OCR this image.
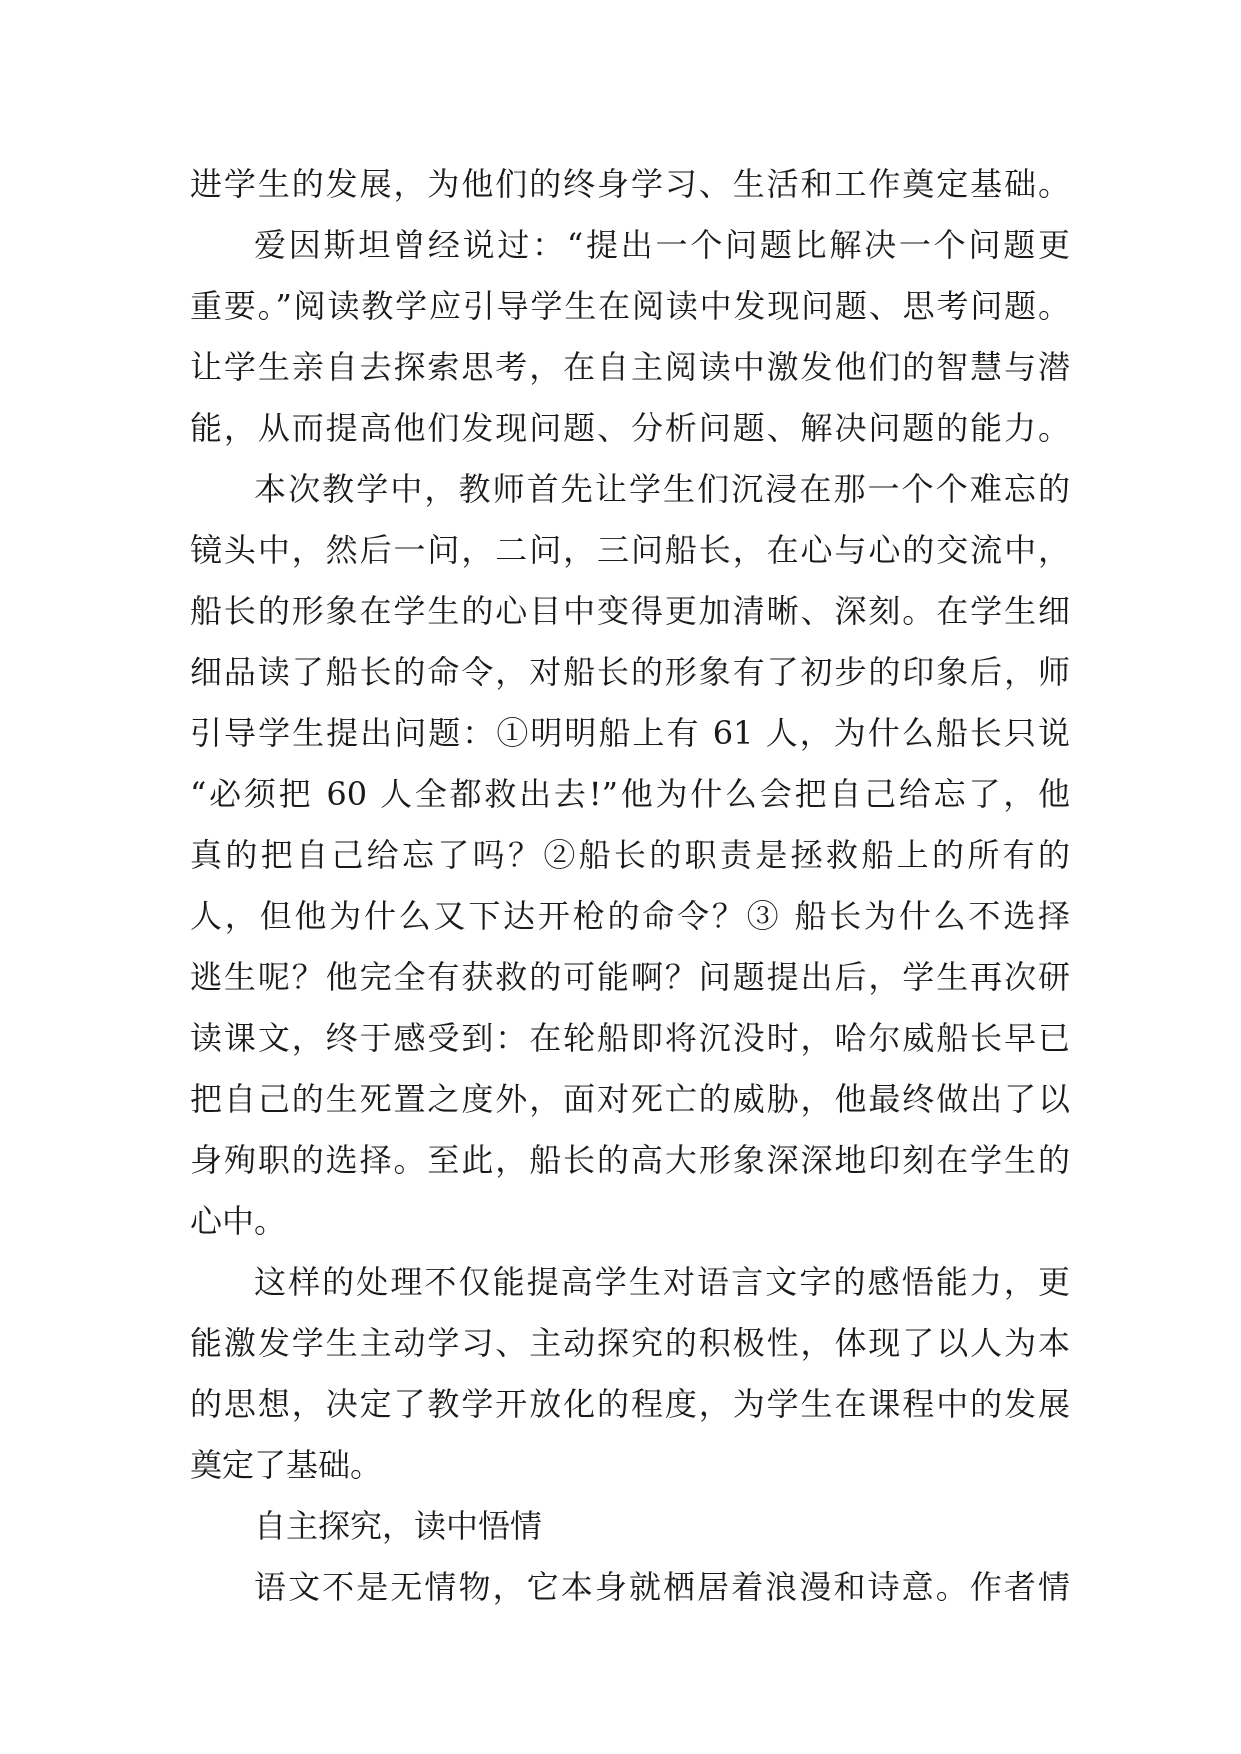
进学生的发展，为他们的终身学习、生活和工作奠定基础。
爱因斯坦曾经说过：“提出一个问题比解决一个问题更
重要。”阅读教学应引导学生在阅读中发现问题、思考问题。
让学生亲自去探索思考，在自主阅读中激发他们的智慧与潜
能，从而提高他们发现问题、分析问题、解决问题的能力。
本次教学中，教师首先让学生们沉浸在那一个个难忘的
镜头中，然后一问，二问，三问船长，在心与心的交流中，
船长的形象在学生的心目中变得更加清晰、深刻。在学生细
细品读了船长的命令，对船长的形象有了初步的印象后，师
引导学生提出问题：①明明船上有 61 人，为什么船长只说
“必须把 60 人全都救出去!”他为什么会把自己给忘了，他
真的把自己给忘了吗？②船长的职责是拯救船上的所有的
人，但他为什么又下达开枪的命令？③ 船长为什么不选择
逃生呢？他完全有获救的可能啊？问题提出后，学生再次研
读课文，终于感受到：在轮船即将沉没时，哈尔威船长早已
把自己的生死置之度外，面对死亡的威胁，他最终做出了以
身殉职的选择。至此，船长的高大形象深深地印刻在学生的
心中。
这样的处理不仅能提高学生对语言文字的感悟能力，更
能激发学生主动学习、主动探究的积极性，体现了以人为本
的思想，决定了教学开放化的程度，为学生在课程中的发展
奠定了基础。
自主探究，读中悟情
语文不是无情物，它本身就栖居着浪漫和诗意。作者情
